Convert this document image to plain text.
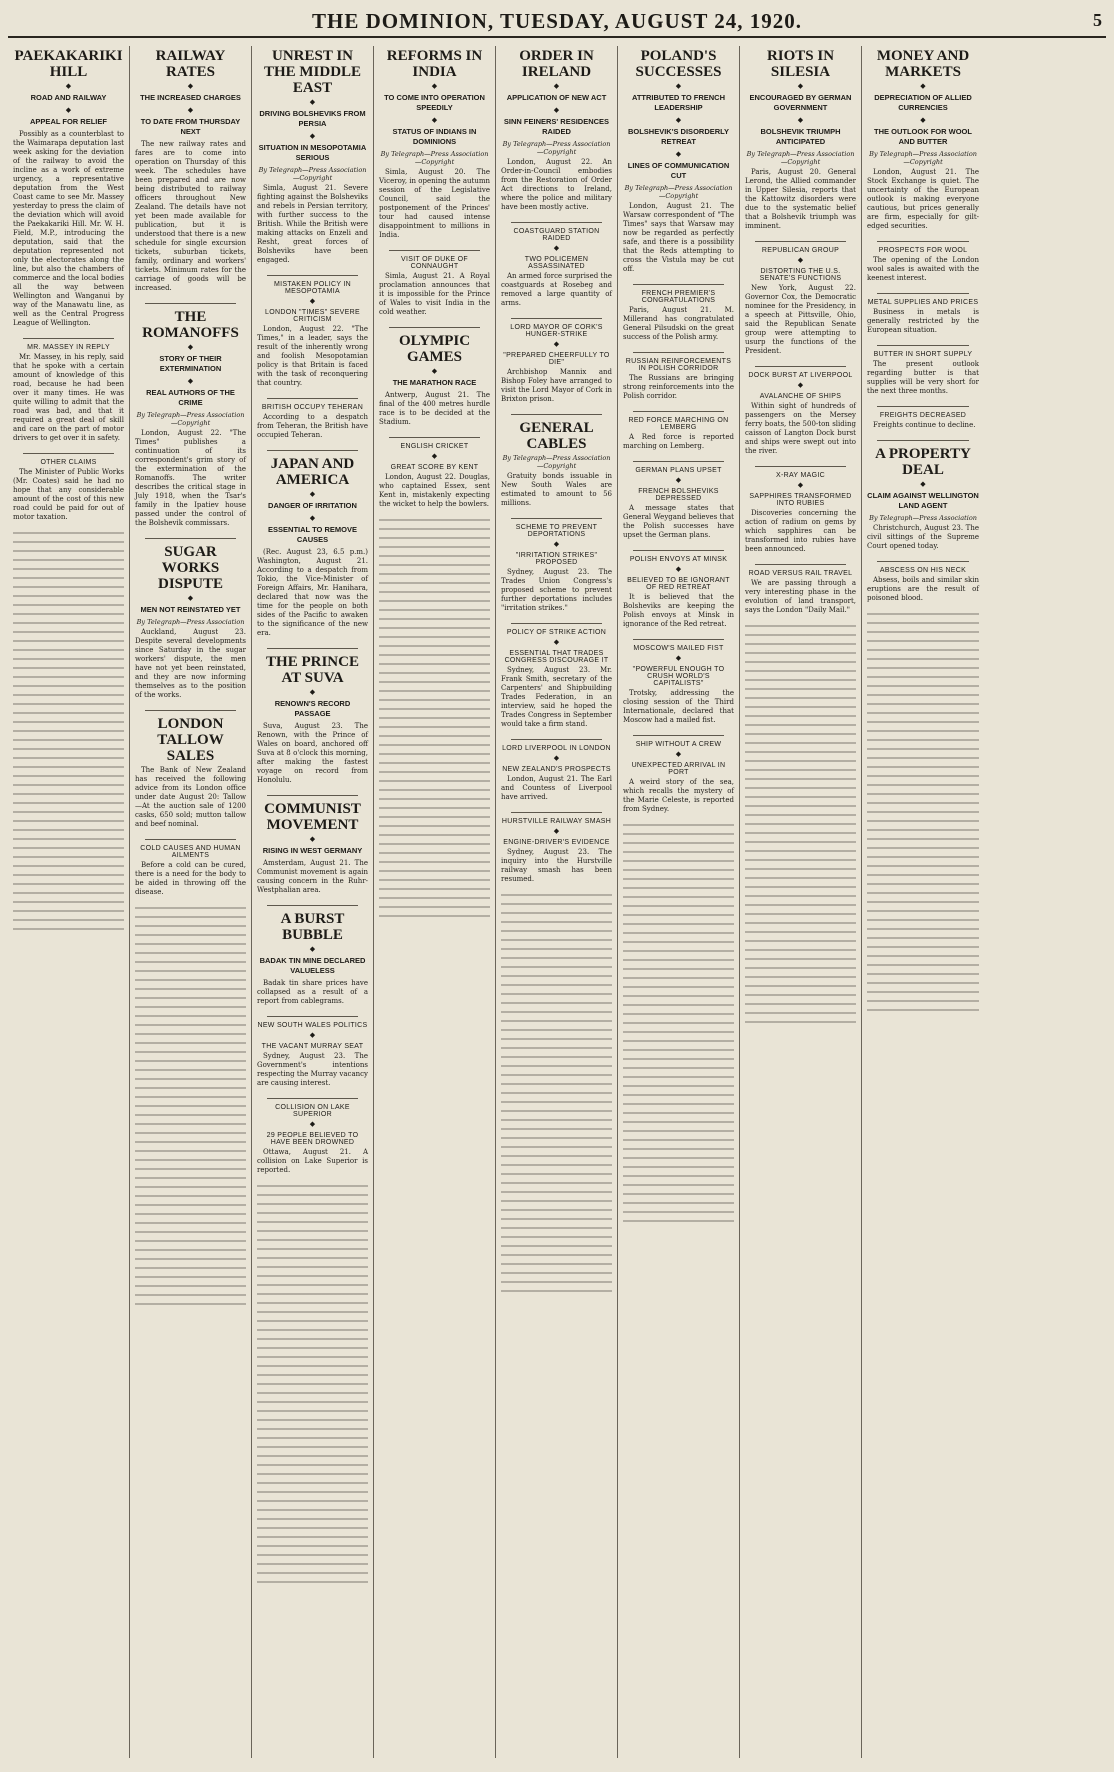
THE DOMINION, TUESDAY, AUGUST 24, 1920.	5
PAEKAKARIKI HILL
◆
ROAD AND RAILWAY
◆
APPEAL FOR RELIEF

Possibly as a counterblast to the Waimarapa deputation last week asking for the deviation of the railway to avoid the incline as a work of extreme urgency, a representative deputation from the West Coast came to see Mr. Massey yesterday to press the claim of the deviation which will avoid the Paekakariki Hill. Mr. W. H. Field, M.P., introducing the deputation, said that the deputation represented not only the electorates along the line, but also the chambers of commerce and the local bodies all the way between Wellington and Wanganui by way of the Manawatu line, as well as the Central Progress League of Wellington.

MR. MASSEY IN REPLY

Mr. Massey, in his reply, said that he spoke with a certain amount of knowledge of this road, because he had been over it many times. He was quite willing to admit that the road was bad, and that it required a great deal of skill and care on the part of motor drivers to get over it in safety.

OTHER CLAIMS

The Minister of Public Works (Mr. Coates) said he had no hope that any considerable amount of the cost of this new road could be paid for out of motor taxation.

RAILWAY RATES
◆
THE INCREASED CHARGES
◆
TO DATE FROM THURSDAY NEXT

The new railway rates and fares are to come into operation on Thursday of this week. The schedules have been prepared and are now being distributed to railway officers throughout New Zealand. The details have not yet been made available for publication, but it is understood that there is a new schedule for single excursion tickets, suburban tickets, family, ordinary and workers' tickets. Minimum rates for the carriage of goods will be increased.

THE ROMANOFFS
◆
STORY OF THEIR EXTERMINATION
◆
REAL AUTHORS OF THE CRIME
By Telegraph—Press Association—Copyright

London, August 22. "The Times" publishes a continuation of its correspondent's grim story of the extermination of the Romanoffs. The writer describes the critical stage in July 1918, when the Tsar's family in the Ipatiev house passed under the control of the Bolshevik commissars.

SUGAR WORKS DISPUTE
◆
MEN NOT REINSTATED YET
By Telegraph—Press Association

Auckland, August 23. Despite several developments since Saturday in the sugar workers' dispute, the men have not yet been reinstated, and they are now informing themselves as to the position of the works.

LONDON TALLOW SALES

The Bank of New Zealand has received the following advice from its London office under date August 20: Tallow—At the auction sale of 1200 casks, 650 sold; mutton tallow and beef nominal.

COLD CAUSES AND HUMAN AILMENTS

Before a cold can be cured, there is a need for the body to be aided in throwing off the disease.

UNREST IN THE MIDDLE EAST
◆
DRIVING BOLSHEVIKS FROM PERSIA
◆
SITUATION IN MESOPOTAMIA SERIOUS
By Telegraph—Press Association—Copyright

Simla, August 21. Severe fighting against the Bolsheviks and rebels in Persian territory, with further success to the British. While the British were making attacks on Enzeli and Resht, great forces of Bolsheviks have been engaged.

MISTAKEN POLICY IN MESOPOTAMIA
◆
LONDON "TIMES" SEVERE CRITICISM

London, August 22. "The Times," in a leader, says the result of the inherently wrong and foolish Mesopotamian policy is that Britain is faced with the task of reconquering that country.

BRITISH OCCUPY TEHERAN

According to a despatch from Teheran, the British have occupied Teheran.

JAPAN AND AMERICA
◆
DANGER OF IRRITATION
◆
ESSENTIAL TO REMOVE CAUSES

(Rec. August 23, 6.5 p.m.) Washington, August 21. According to a despatch from Tokio, the Vice-Minister of Foreign Affairs, Mr. Hanihara, declared that now was the time for the people on both sides of the Pacific to awaken to the significance of the new era.

THE PRINCE AT SUVA
◆
RENOWN'S RECORD PASSAGE

Suva, August 23. The Renown, with the Prince of Wales on board, anchored off Suva at 8 o'clock this morning, after making the fastest voyage on record from Honolulu.

COMMUNIST MOVEMENT
◆
RISING IN WEST GERMANY

Amsterdam, August 21. The Communist movement is again causing concern in the Ruhr-Westphalian area.

A BURST BUBBLE
◆
BADAK TIN MINE DECLARED VALUELESS

Badak tin share prices have collapsed as a result of a report from cablegrams.

NEW SOUTH WALES POLITICS
◆
THE VACANT MURRAY SEAT

Sydney, August 23. The Government's intentions respecting the Murray vacancy are causing interest.

COLLISION ON LAKE SUPERIOR
◆
29 PEOPLE BELIEVED TO HAVE BEEN DROWNED

Ottawa, August 21. A collision on Lake Superior is reported.

REFORMS IN INDIA
◆
TO COME INTO OPERATION SPEEDILY
◆
STATUS OF INDIANS IN DOMINIONS
By Telegraph—Press Association—Copyright

Simla, August 20. The Viceroy, in opening the autumn session of the Legislative Council, said the postponement of the Princes' tour had caused intense disappointment to millions in India.

VISIT OF DUKE OF CONNAUGHT

Simla, August 21. A Royal proclamation announces that it is impossible for the Prince of Wales to visit India in the cold weather.

OLYMPIC GAMES
◆
THE MARATHON RACE

Antwerp, August 21. The final of the 400 metres hurdle race is to be decided at the Stadium.

ENGLISH CRICKET
◆
GREAT SCORE BY KENT

London, August 22. Douglas, who captained Essex, sent Kent in, mistakenly expecting the wicket to help the bowlers.

ORDER IN IRELAND
◆
APPLICATION OF NEW ACT
◆
SINN FEINERS' RESIDENCES RAIDED
By Telegraph—Press Association—Copyright

London, August 22. An Order-in-Council embodies from the Restoration of Order Act directions to Ireland, where the police and military have been mostly active.

COASTGUARD STATION RAIDED
◆
TWO POLICEMEN ASSASSINATED

An armed force surprised the coastguards at Rosebeg and removed a large quantity of arms.

LORD MAYOR OF CORK'S HUNGER-STRIKE
◆
"PREPARED CHEERFULLY TO DIE"

Archbishop Mannix and Bishop Foley have arranged to visit the Lord Mayor of Cork in Brixton prison.

GENERAL CABLES
By Telegraph—Press Association—Copyright

Gratuity bonds issuable in New South Wales are estimated to amount to 56 millions.

SCHEME TO PREVENT DEPORTATIONS
◆
"IRRITATION STRIKES" PROPOSED

Sydney, August 23. The Trades Union Congress's proposed scheme to prevent further deportations includes "irritation strikes."

POLICY OF STRIKE ACTION
◆
ESSENTIAL THAT TRADES CONGRESS DISCOURAGE IT

Sydney, August 23. Mr. Frank Smith, secretary of the Carpenters' and Shipbuilding Trades Federation, in an interview, said he hoped the Trades Congress in September would take a firm stand.

LORD LIVERPOOL IN LONDON
◆
NEW ZEALAND'S PROSPECTS

London, August 21. The Earl and Countess of Liverpool have arrived.

HURSTVILLE RAILWAY SMASH
◆
ENGINE-DRIVER'S EVIDENCE

Sydney, August 23. The inquiry into the Hurstville railway smash has been resumed.

POLAND'S SUCCESSES
◆
ATTRIBUTED TO FRENCH LEADERSHIP
◆
BOLSHEVIK'S DISORDERLY RETREAT
◆
LINES OF COMMUNICATION CUT
By Telegraph—Press Association—Copyright

London, August 21. The Warsaw correspondent of "The Times" says that Warsaw may now be regarded as perfectly safe, and there is a possibility that the Reds attempting to cross the Vistula may be cut off.

FRENCH PREMIER'S CONGRATULATIONS

Paris, August 21. M. Millerand has congratulated General Pilsudski on the great success of the Polish army.

RUSSIAN REINFORCEMENTS IN POLISH CORRIDOR

The Russians are bringing strong reinforcements into the Polish corridor.

RED FORCE MARCHING ON LEMBERG

A Red force is reported marching on Lemberg.

GERMAN PLANS UPSET
◆
FRENCH BOLSHEVIKS DEPRESSED

A message states that General Weygand believes that the Polish successes have upset the German plans.

POLISH ENVOYS AT MINSK
◆
BELIEVED TO BE IGNORANT OF RED RETREAT

It is believed that the Bolsheviks are keeping the Polish envoys at Minsk in ignorance of the Red retreat.

MOSCOW'S MAILED FIST
◆
"POWERFUL ENOUGH TO CRUSH WORLD'S CAPITALISTS"

Trotsky, addressing the closing session of the Third Internationale, declared that Moscow had a mailed fist.

SHIP WITHOUT A CREW
◆
UNEXPECTED ARRIVAL IN PORT

A weird story of the sea, which recalls the mystery of the Marie Celeste, is reported from Sydney.

RIOTS IN SILESIA
◆
ENCOURAGED BY GERMAN GOVERNMENT
◆
BOLSHEVIK TRIUMPH ANTICIPATED
By Telegraph—Press Association—Copyright

Paris, August 20. General Lerond, the Allied commander in Upper Silesia, reports that the Kattowitz disorders were due to the systematic belief that a Bolshevik triumph was imminent.

REPUBLICAN GROUP
◆
DISTORTING THE U.S. SENATE'S FUNCTIONS

New York, August 22. Governor Cox, the Democratic nominee for the Presidency, in a speech at Pittsville, Ohio, said the Republican Senate group were attempting to usurp the functions of the President.

DOCK BURST AT LIVERPOOL
◆
AVALANCHE OF SHIPS

Within sight of hundreds of passengers on the Mersey ferry boats, the 500-ton sliding caisson of Langton Dock burst and ships were swept out into the river.

X-RAY MAGIC
◆
SAPPHIRES TRANSFORMED INTO RUBIES

Discoveries concerning the action of radium on gems by which sapphires can be transformed into rubies have been announced.

ROAD VERSUS RAIL TRAVEL

We are passing through a very interesting phase in the evolution of land transport, says the London "Daily Mail."

MONEY AND MARKETS
◆
DEPRECIATION OF ALLIED CURRENCIES
◆
THE OUTLOOK FOR WOOL AND BUTTER
By Telegraph—Press Association—Copyright

London, August 21. The Stock Exchange is quiet. The uncertainty of the European outlook is making everyone cautious, but prices generally are firm, especially for gilt-edged securities.

PROSPECTS FOR WOOL

The opening of the London wool sales is awaited with the keenest interest.

METAL SUPPLIES AND PRICES

Business in metals is generally restricted by the European situation.

BUTTER IN SHORT SUPPLY

The present outlook regarding butter is that supplies will be very short for the next three months.

FREIGHTS DECREASED

Freights continue to decline.

A PROPERTY DEAL
◆
CLAIM AGAINST WELLINGTON LAND AGENT
By Telegraph—Press Association

Christchurch, August 23. The civil sittings of the Supreme Court opened today.

ABSCESS ON HIS NECK

Absess, boils and similar skin eruptions are the result of poisoned blood.
